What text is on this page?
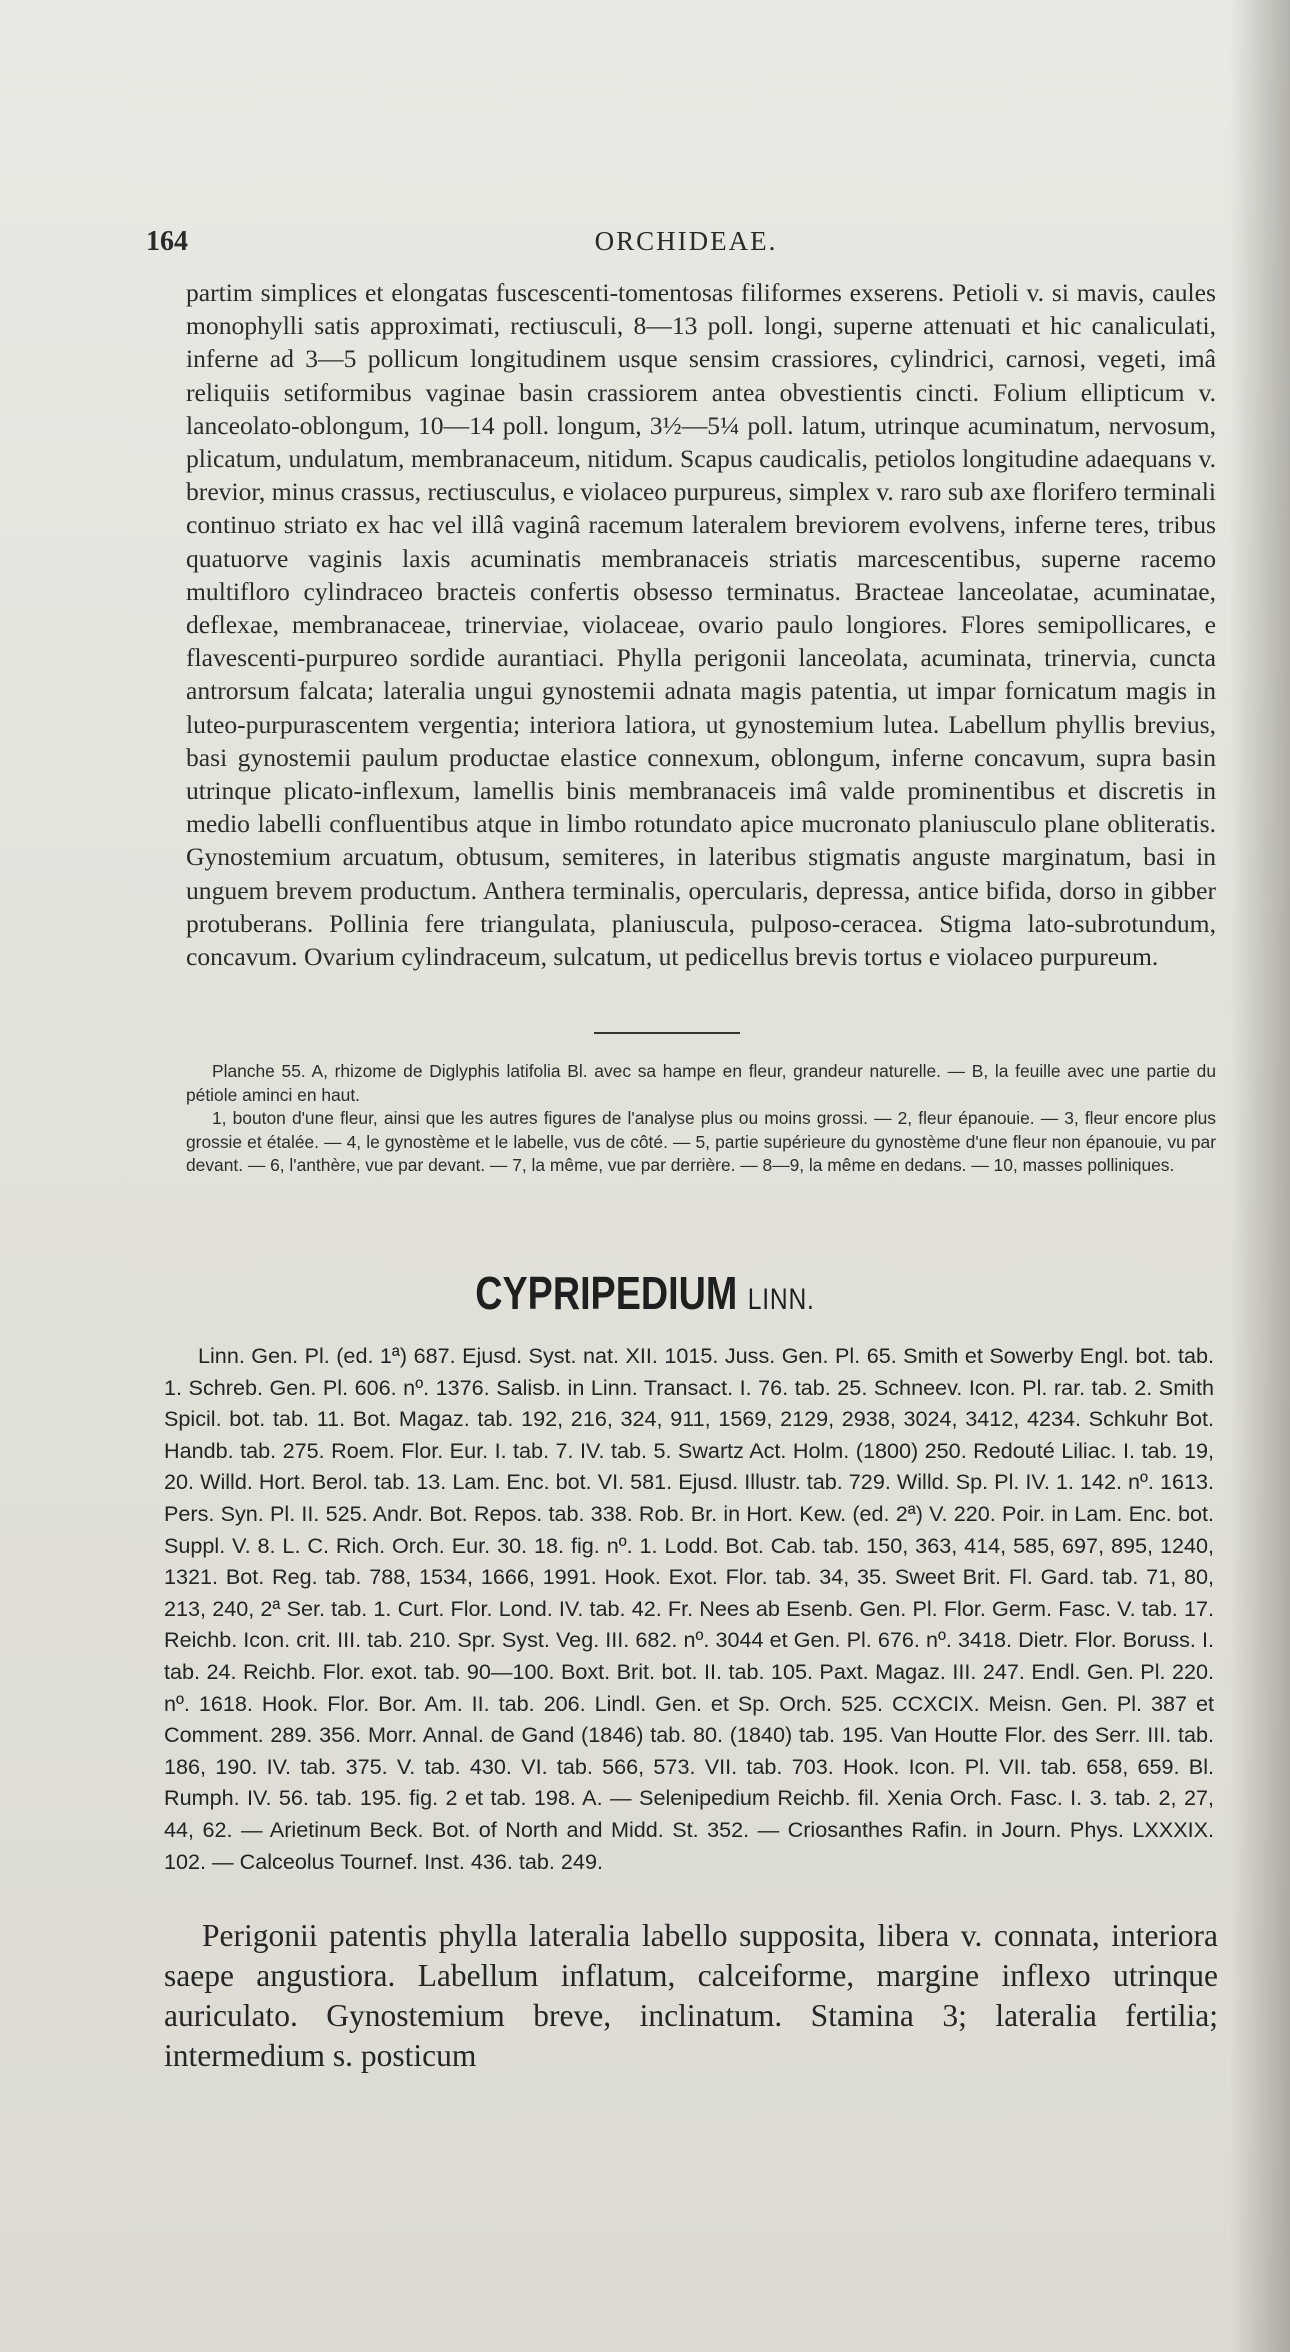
164	ORCHIDEAE.
partim simplices et elongatas fuscescenti-tomentosas filiformes exserens. Petioli v. si mavis, caules monophylli satis approximati, rectiusculi, 8—13 poll. longi, superne attenuati et hic canaliculati, inferne ad 3—5 pollicum longitudinem usque sensim crassiores, cylindrici, carnosi, vegeti, imâ reliquiis setiformibus vaginae basin crassiorem antea obvestientis cincti. Folium ellipticum v. lanceolato-oblongum, 10—14 poll. longum, 3½—5¼ poll. latum, utrinque acuminatum, nervosum, plicatum, undulatum, membranaceum, nitidum. Scapus caudicalis, petiolos longitudine adaequans v. brevior, minus crassus, rectiusculus, e violaceo purpureus, simplex v. raro sub axe florifero terminali continuo striato ex hac vel illâ vaginâ racemum lateralem breviorem evolvens, inferne teres, tribus quatuorve vaginis laxis acuminatis membranaceis striatis marcescentibus, superne racemo multifloro cylindraceo bracteis confertis obsesso terminatus. Bracteae lanceolatae, acuminatae, deflexae, membranaceae, trinerviae, violaceae, ovario paulo longiores. Flores semipollicares, e flavescenti-purpureo sordide aurantiaci. Phylla perigonii lanceolata, acuminata, trinervia, cuncta antrorsum falcata; lateralia ungui gynostemii adnata magis patentia, ut impar fornicatum magis in luteo-purpurascentem vergentia; interiora latiora, ut gynostemium lutea. Labellum phyllis brevius, basi gynostemii paulum productae elastice connexum, oblongum, inferne concavum, supra basin utrinque plicato-inflexum, lamellis binis membranaceis imâ valde prominentibus et discretis in medio labelli confluentibus atque in limbo rotundato apice mucronato planiusculo plane obliteratis. Gynostemium arcuatum, obtusum, semiteres, in lateribus stigmatis anguste marginatum, basi in unguem brevem productum. Anthera terminalis, opercularis, depressa, antice bifida, dorso in gibber protuberans. Pollinia fere triangulata, planiuscula, pulposo-ceracea. Stigma lato-subrotundum, concavum. Ovarium cylindraceum, sulcatum, ut pedicellus brevis tortus e violaceo purpureum.

Planche 55. A, rhizome de Diglyphis latifolia Bl. avec sa hampe en fleur, grandeur naturelle. — B, la feuille avec une partie du pétiole aminci en haut.

1, bouton d'une fleur, ainsi que les autres figures de l'analyse plus ou moins grossi. — 2, fleur épanouie. — 3, fleur encore plus grossie et étalée. — 4, le gynostème et le labelle, vus de côté. — 5, partie supérieure du gynostème d'une fleur non épanouie, vu par devant. — 6, l'anthère, vue par devant. — 7, la même, vue par derrière. — 8—9, la même en dedans. — 10, masses polliniques.

CYPRIPEDIUM LINN.

Linn. Gen. Pl. (ed. 1ª) 687. Ejusd. Syst. nat. XII. 1015. Juss. Gen. Pl. 65. Smith et Sowerby Engl. bot. tab. 1. Schreb. Gen. Pl. 606. nº. 1376. Salisb. in Linn. Transact. I. 76. tab. 25. Schneev. Icon. Pl. rar. tab. 2. Smith Spicil. bot. tab. 11. Bot. Magaz. tab. 192, 216, 324, 911, 1569, 2129, 2938, 3024, 3412, 4234. Schkuhr Bot. Handb. tab. 275. Roem. Flor. Eur. I. tab. 7. IV. tab. 5. Swartz Act. Holm. (1800) 250. Redouté Liliac. I. tab. 19, 20. Willd. Hort. Berol. tab. 13. Lam. Enc. bot. VI. 581. Ejusd. Illustr. tab. 729. Willd. Sp. Pl. IV. 1. 142. nº. 1613. Pers. Syn. Pl. II. 525. Andr. Bot. Repos. tab. 338. Rob. Br. in Hort. Kew. (ed. 2ª) V. 220. Poir. in Lam. Enc. bot. Suppl. V. 8. L. C. Rich. Orch. Eur. 30. 18. fig. nº. 1. Lodd. Bot. Cab. tab. 150, 363, 414, 585, 697, 895, 1240, 1321. Bot. Reg. tab. 788, 1534, 1666, 1991. Hook. Exot. Flor. tab. 34, 35. Sweet Brit. Fl. Gard. tab. 71, 80, 213, 240, 2ª Ser. tab. 1. Curt. Flor. Lond. IV. tab. 42. Fr. Nees ab Esenb. Gen. Pl. Flor. Germ. Fasc. V. tab. 17. Reichb. Icon. crit. III. tab. 210. Spr. Syst. Veg. III. 682. nº. 3044 et Gen. Pl. 676. nº. 3418. Dietr. Flor. Boruss. I. tab. 24. Reichb. Flor. exot. tab. 90—100. Boxt. Brit. bot. II. tab. 105. Paxt. Magaz. III. 247. Endl. Gen. Pl. 220. nº. 1618. Hook. Flor. Bor. Am. II. tab. 206. Lindl. Gen. et Sp. Orch. 525. CCXCIX. Meisn. Gen. Pl. 387 et Comment. 289. 356. Morr. Annal. de Gand (1846) tab. 80. (1840) tab. 195. Van Houtte Flor. des Serr. III. tab. 186, 190. IV. tab. 375. V. tab. 430. VI. tab. 566, 573. VII. tab. 703. Hook. Icon. Pl. VII. tab. 658, 659. Bl. Rumph. IV. 56. tab. 195. fig. 2 et tab. 198. A. — Selenipedium Reichb. fil. Xenia Orch. Fasc. I. 3. tab. 2, 27, 44, 62. — Arietinum Beck. Bot. of North and Midd. St. 352. — Criosanthes Rafin. in Journ. Phys. LXXXIX. 102. — Calceolus Tournef. Inst. 436. tab. 249.

Perigonii patentis phylla lateralia labello supposita, libera v. connata, interiora saepe angustiora. Labellum inflatum, calceiforme, margine inflexo utrinque auriculato. Gynostemium breve, inclinatum. Stamina 3; lateralia fertilia; intermedium s. posticum
